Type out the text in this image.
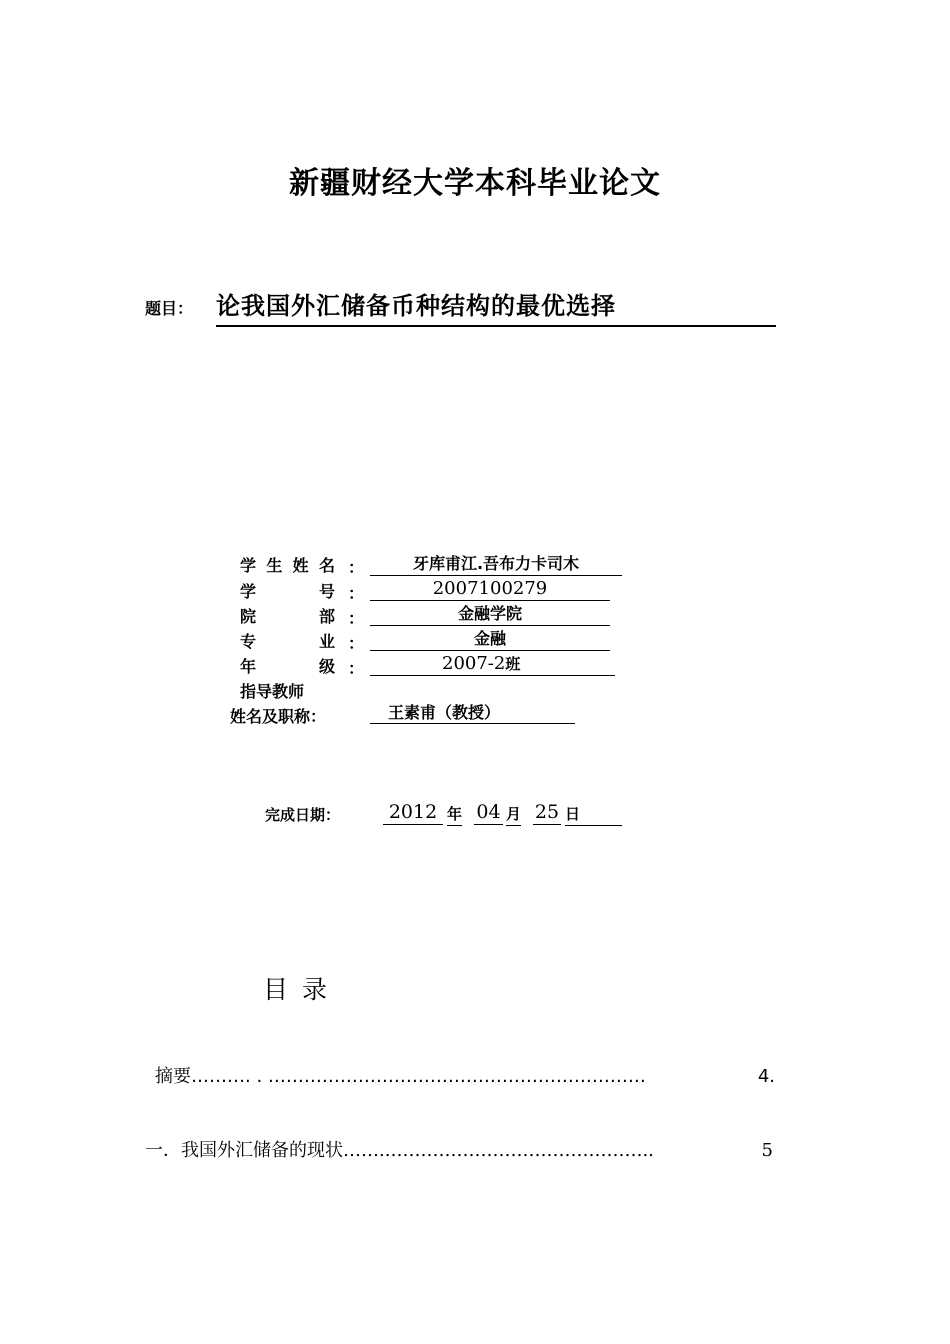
新疆财经大学本科毕业论文
题目： 论我国外汇储备币种结构的最优选择
学生姓名 ：	牙库甫江.吾布力卡司木
学号 ：	2007100279
院部 ：	金融学院
专业 ：	金融
年级 ：	2007-2班
指导教师
姓名及职称：	王素甫（教授）
完成日期：	2012 年 04 月 25 日
目录
摘要 ………. . ………………………………………………………	4.
一．我国外汇储备的现状 ……..……………………………………..	5
